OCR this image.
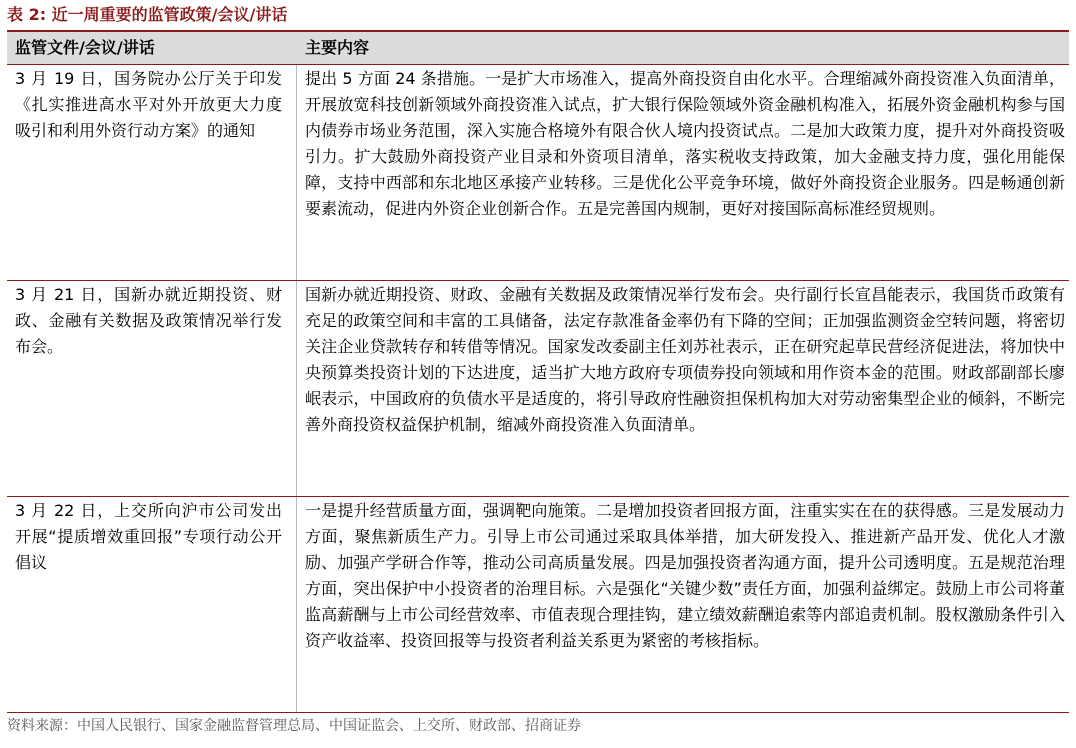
表 2: 近一周重要的监管政策/会议/讲话
监管文件/会议/讲话	主要内容
3 月 19 日，国务院办公厅关于印发《扎实推进高水平对外开放更大力度吸引和利用外资行动方案》的通知
提出 5 方面 24 条措施。一是扩大市场准入，提高外商投资自由化水平。合理缩减外商投资准入负面清单，开展放宽科技创新领域外商投资准入试点，扩大银行保险领域外资金融机构准入，拓展外资金融机构参与国内债券市场业务范围，深入实施合格境外有限合伙人境内投资试点。二是加大政策力度，提升对外商投资吸引力。扩大鼓励外商投资产业目录和外资项目清单，落实税收支持政策，加大金融支持力度，强化用能保障，支持中西部和东北地区承接产业转移。三是优化公平竞争环境，做好外商投资企业服务。四是畅通创新要素流动，促进内外资企业创新合作。五是完善国内规制，更好对接国际高标准经贸规则。
3 月 21 日，国新办就近期投资、财政、金融有关数据及政策情况举行发布会。
国新办就近期投资、财政、金融有关数据及政策情况举行发布会。央行副行长宣昌能表示，我国货币政策有充足的政策空间和丰富的工具储备，法定存款准备金率仍有下降的空间；正加强监测资金空转问题，将密切关注企业贷款转存和转借等情况。国家发改委副主任刘苏社表示，正在研究起草民营经济促进法，将加快中央预算类投资计划的下达进度，适当扩大地方政府专项债券投向领域和用作资本金的范围。财政部副部长廖岷表示，中国政府的负债水平是适度的，将引导政府性融资担保机构加大对劳动密集型企业的倾斜，不断完善外商投资权益保护机制，缩减外商投资准入负面清单。
3 月 22 日，上交所向沪市公司发出开展“提质增效重回报”专项行动公开倡议
一是提升经营质量方面，强调靶向施策。二是增加投资者回报方面，注重实实在在的获得感。三是发展动力方面，聚焦新质生产力。引导上市公司通过采取具体举措，加大研发投入、推进新产品开发、优化人才激励、加强产学研合作等，推动公司高质量发展。四是加强投资者沟通方面，提升公司透明度。五是规范治理方面，突出保护中小投资者的治理目标。六是强化“关键少数”责任方面，加强利益绑定。鼓励上市公司将董监高薪酬与上市公司经营效率、市值表现合理挂钩，建立绩效薪酬追索等内部追责机制。股权激励条件引入资产收益率、投资回报等与投资者利益关系更为紧密的考核指标。
资料来源：中国人民银行、国家金融监督管理总局、中国证监会、上交所、财政部、招商证券
